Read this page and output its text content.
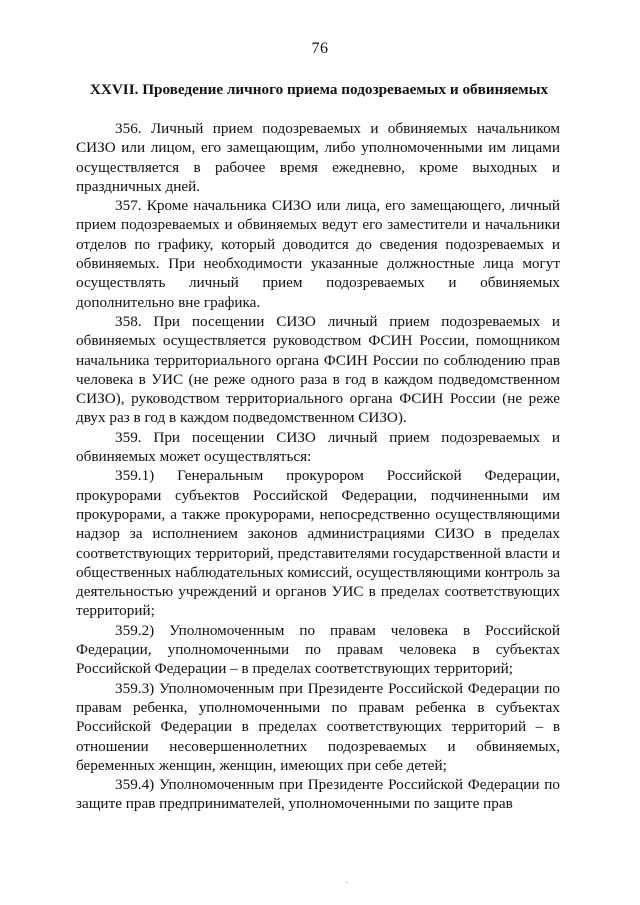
76
XXVII. Проведение личного приема подозреваемых и обвиняемых

356. Личный прием подозреваемых и обвиняемых начальником СИЗО или лицом, его замещающим, либо уполномоченными им лицами осуществляется в рабочее время ежедневно, кроме выходных и праздничных дней.

357. Кроме начальника СИЗО или лица, его замещающего, личный прием подозреваемых и обвиняемых ведут его заместители и начальники отделов по графику, который доводится до сведения подозреваемых и обвиняемых. При необходимости указанные должностные лица могут осуществлять личный прием подозреваемых и обвиняемых дополнительно вне графика.

358. При посещении СИЗО личный прием подозреваемых и обвиняемых осуществляется руководством ФСИН России, помощником начальника территориального органа ФСИН России по соблюдению прав человека в УИС (не реже одного раза в год в каждом подведомственном СИЗО), руководством территориального органа ФСИН России (не реже двух раз в год в каждом подведомственном СИЗО).

359. При посещении СИЗО личный прием подозреваемых и обвиняемых может осуществляться:

359.1) Генеральным прокурором Российской Федерации, прокурорами субъектов Российской Федерации, подчиненными им прокурорами, а также прокурорами, непосредственно осуществляющими надзор за исполнением законов администрациями СИЗО в пределах соответствующих территорий, представителями государственной власти и общественных наблюдательных комиссий, осуществляющими контроль за деятельностью учреждений и органов УИС в пределах соответствующих территорий;

359.2) Уполномоченным по правам человека в Российской Федерации, уполномоченными по правам человека в субъектах Российской Федерации – в пределах соответствующих территорий;

359.3) Уполномоченным при Президенте Российской Федерации по правам ребенка, уполномоченными по правам ребенка в субъектах Российской Федерации в пределах соответствующих территорий – в отношении несовершеннолетних подозреваемых и обвиняемых, беременных женщин, женщин, имеющих при себе детей;

359.4) Уполномоченным при Президенте Российской Федерации по защите прав предпринимателей, уполномоченными по защите прав
